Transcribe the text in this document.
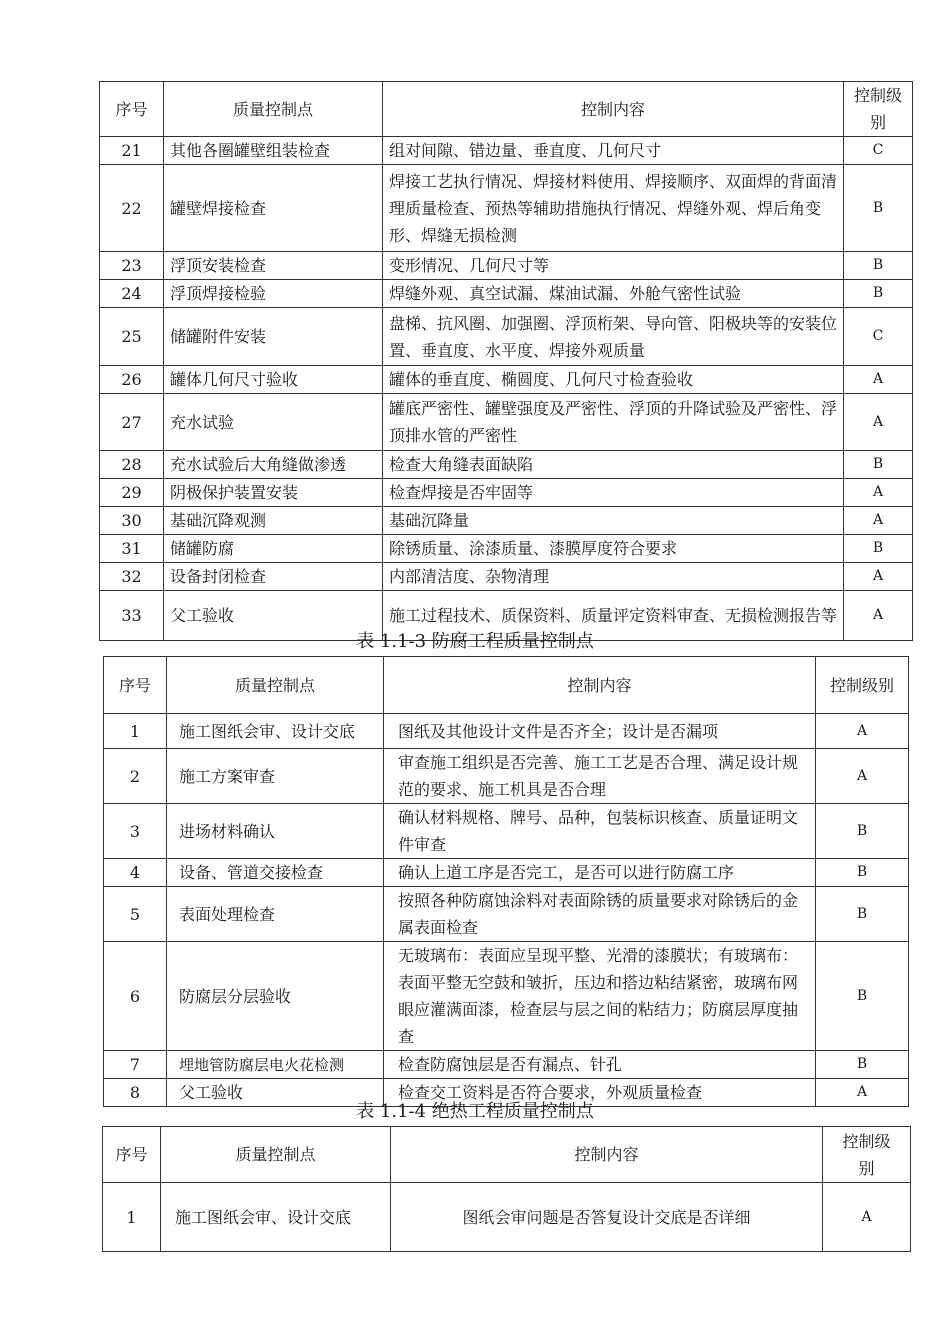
序号	质量控制点	控制内容	控制级别
21	其他各圈罐壁组装检查	组对间隙、错边量、垂直度、几何尺寸	C
22	罐壁焊接检查	焊接工艺执行情况、焊接材料使用、焊接顺序、双面焊的背面清理质量检查、预热等辅助措施执行情况、焊缝外观、焊后角变形、焊缝无损检测	B
23	浮顶安装检查	变形情况、几何尺寸等	B
24	浮顶焊接检验	焊缝外观、真空试漏、煤油试漏、外舱气密性试验	B
25	储罐附件安装	盘梯、抗风圈、加强圈、浮顶桁架、导向管、阳极块等的安装位置、垂直度、水平度、焊接外观质量	C
26	罐体几何尺寸验收	罐体的垂直度、椭圆度、几何尺寸检查验收	A
27	充水试验	罐底严密性、罐壁强度及严密性、浮顶的升降试验及严密性、浮顶排水管的严密性	A
28	充水试验后大角缝做渗透	检查大角缝表面缺陷	B
29	阴极保护装置安装	检查焊接是否牢固等	A
30	基础沉降观测	基础沉降量	A
31	储罐防腐	除锈质量、涂漆质量、漆膜厚度符合要求	B
32	设备封闭检查	内部清洁度、杂物清理	A
33	父工验收	施工过程技术、质保资料、质量评定资料审查、无损检测报告等	A
表 1.1-3 防腐工程质量控制点
序号	质量控制点	控制内容	控制级别
1	施工图纸会审、设计交底	图纸及其他设计文件是否齐全；设计是否漏项	A
2	施工方案审查	审查施工组织是否完善、施工工艺是否合理、满足设计规范的要求、施工机具是否合理	A
3	进场材料确认	确认材料规格、牌号、品种，包装标识核查、质量证明文件审查	B
4	设备、管道交接检查	确认上道工序是否完工，是否可以进行防腐工序	B
5	表面处理检查	按照各种防腐蚀涂料对表面除锈的质量要求对除锈后的金属表面检查	B
6	防腐层分层验收	无玻璃布：表面应呈现平整、光滑的漆膜状；有玻璃布：表面平整无空鼓和皱折，压边和搭边粘结紧密，玻璃布网眼应灌满面漆，检查层与层之间的粘结力；防腐层厚度抽查	B
7	埋地管防腐层电火花检测	检查防腐蚀层是否有漏点、针孔	B
8	父工验收	检查交工资料是否符合要求，外观质量检查	A
表 1.1-4 绝热工程质量控制点
序号	质量控制点	控制内容	控制级别
1	施工图纸会审、设计交底	图纸会审问题是否答复设计交底是否详细	A
